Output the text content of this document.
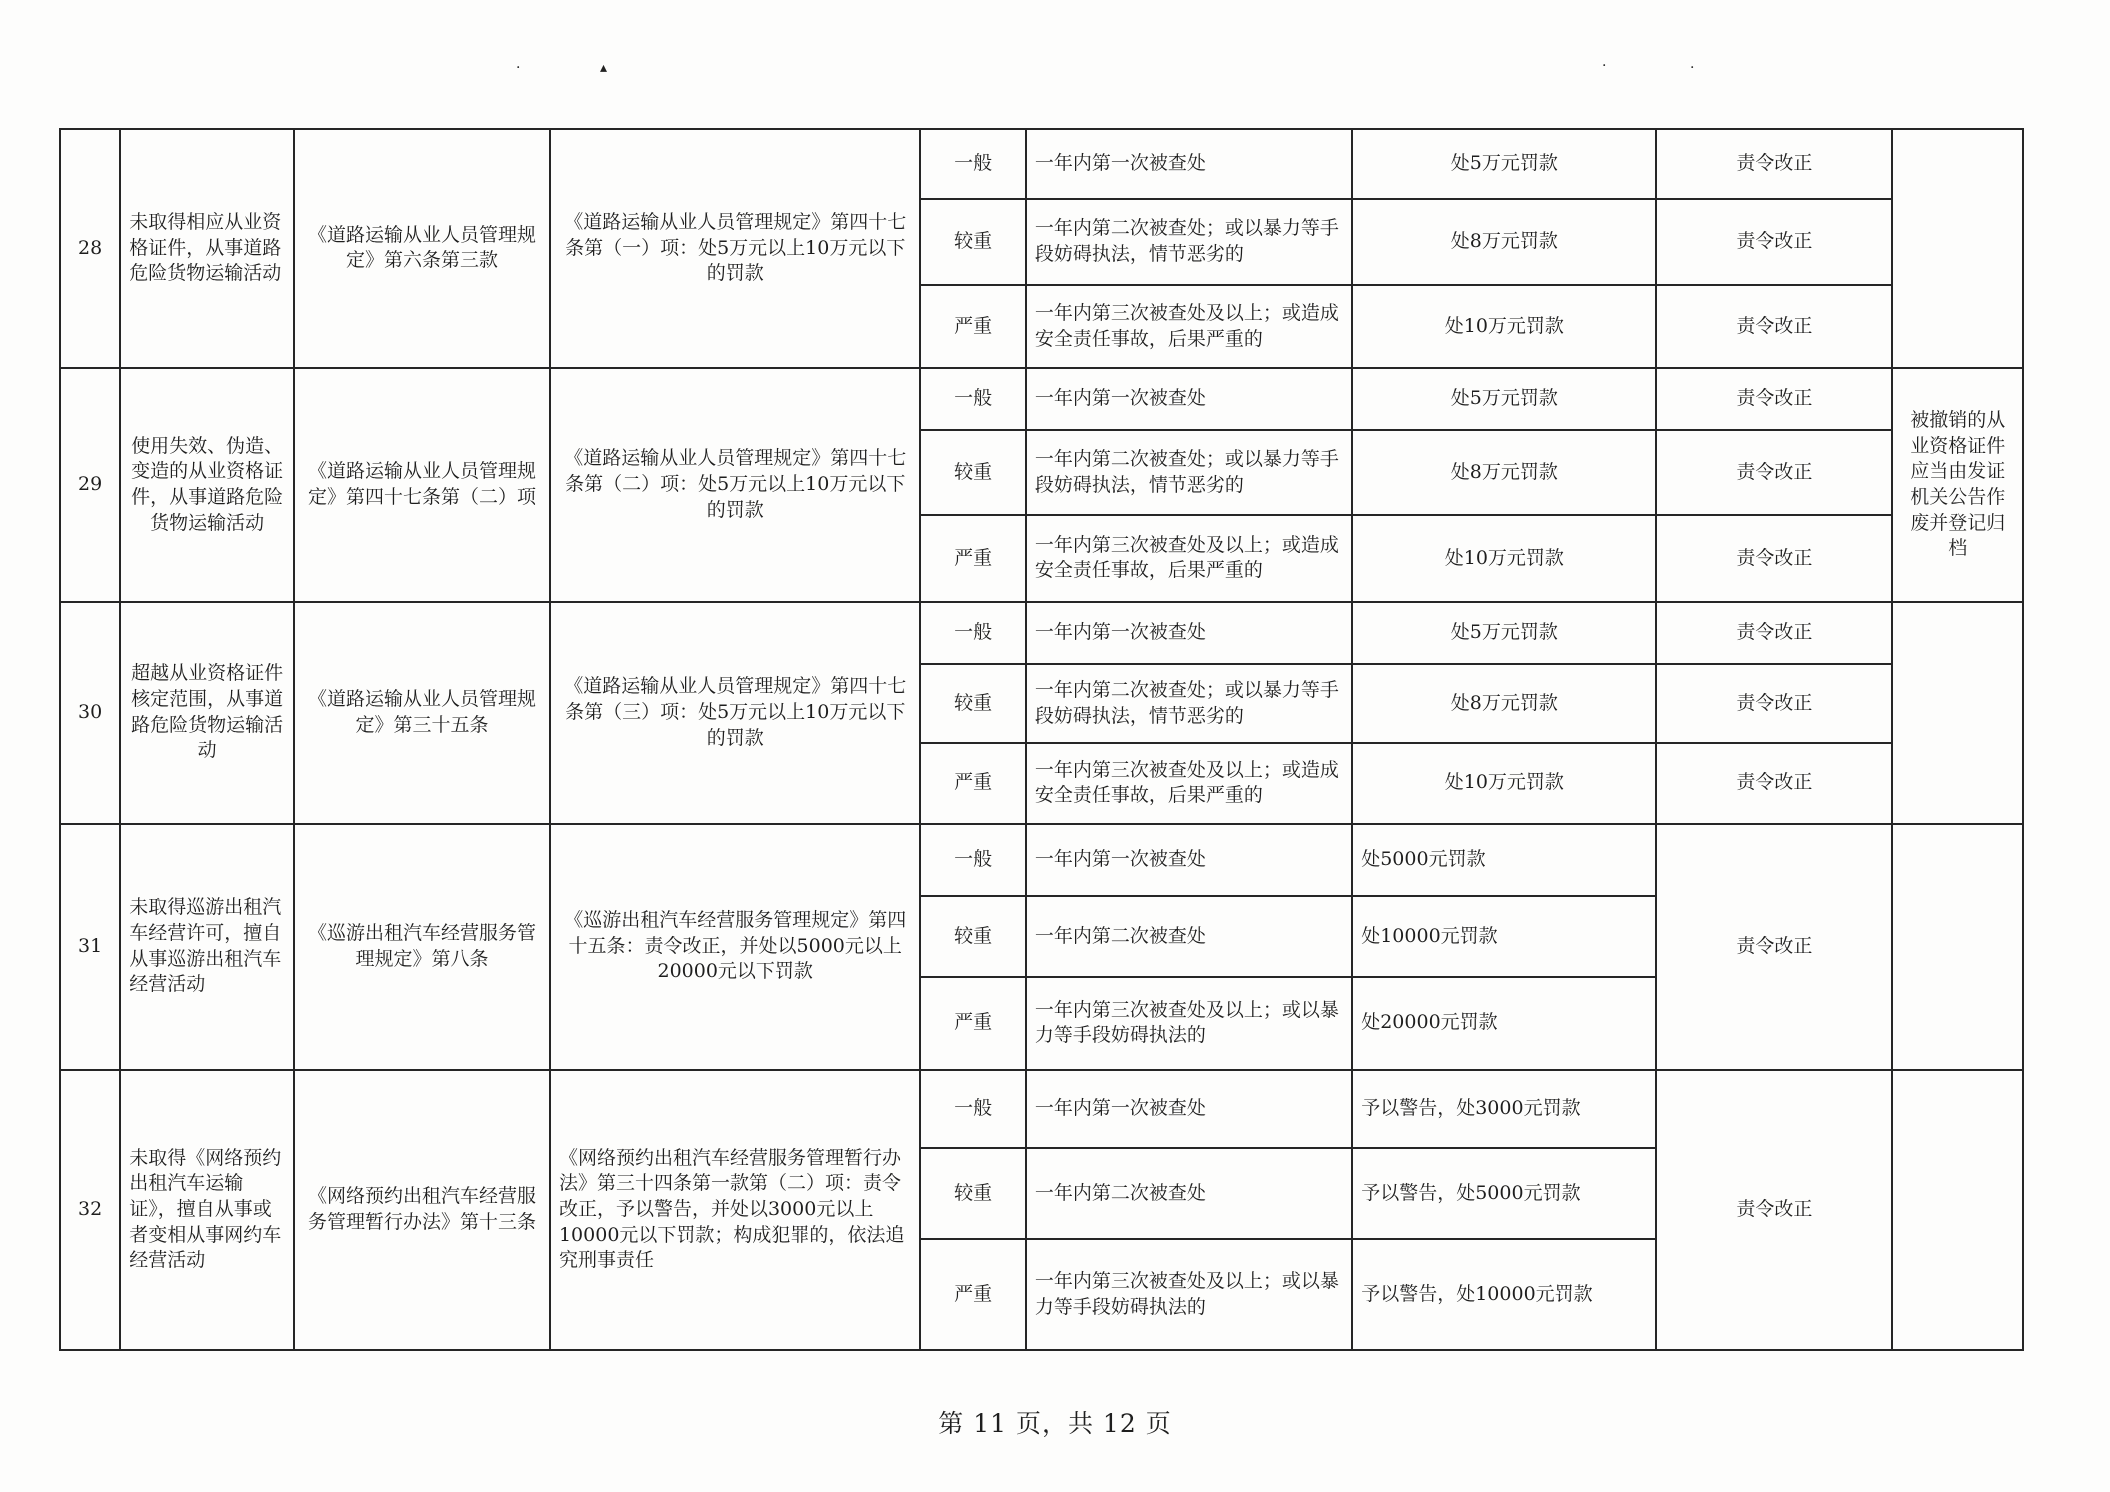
·	▴	·	·
28	未取得相应从业资格证件，从事道路危险货物运输活动	《道路运输从业人员管理规定》第六条第三款	《道路运输从业人员管理规定》第四十七条第（一）项：处5万元以上10万元以下的罚款	一般	一年内第一次被查处	处5万元罚款	责令改正	
				较重	一年内第二次被查处；或以暴力等手段妨碍执法，情节恶劣的	处8万元罚款	责令改正	
				严重	一年内第三次被查处及以上；或造成安全责任事故，后果严重的	处10万元罚款	责令改正	
29	使用失效、伪造、变造的从业资格证件，从事道路危险货物运输活动	《道路运输从业人员管理规定》第四十七条第（二）项	《道路运输从业人员管理规定》第四十七条第（二）项：处5万元以上10万元以下的罚款	一般	一年内第一次被查处	处5万元罚款	责令改正	被撤销的从业资格证件应当由发证机关公告作废并登记归档
				较重	一年内第二次被查处；或以暴力等手段妨碍执法，情节恶劣的	处8万元罚款	责令改正	
				严重	一年内第三次被查处及以上；或造成安全责任事故，后果严重的	处10万元罚款	责令改正	
30	超越从业资格证件核定范围，从事道路危险货物运输活动	《道路运输从业人员管理规定》第三十五条	《道路运输从业人员管理规定》第四十七条第（三）项：处5万元以上10万元以下的罚款	一般	一年内第一次被查处	处5万元罚款	责令改正	
				较重	一年内第二次被查处；或以暴力等手段妨碍执法，情节恶劣的	处8万元罚款	责令改正	
				严重	一年内第三次被查处及以上；或造成安全责任事故，后果严重的	处10万元罚款	责令改正	
31	未取得巡游出租汽车经营许可，擅自从事巡游出租汽车经营活动	《巡游出租汽车经营服务管理规定》第八条	《巡游出租汽车经营服务管理规定》第四十五条：责令改正，并处以5000元以上20000元以下罚款	一般	一年内第一次被查处	处5000元罚款	责令改正	
				较重	一年内第二次被查处	处10000元罚款		
				严重	一年内第三次被查处及以上；或以暴力等手段妨碍执法的	处20000元罚款		
32	未取得《网络预约出租汽车运输证》，擅自从事或者变相从事网约车经营活动	《网络预约出租汽车经营服务管理暂行办法》第十三条	《网络预约出租汽车经营服务管理暂行办法》第三十四条第一款第（二）项：责令改正，予以警告，并处以3000元以上10000元以下罚款；构成犯罪的，依法追究刑事责任	一般	一年内第一次被查处	予以警告，处3000元罚款	责令改正	
				较重	一年内第二次被查处	予以警告，处5000元罚款		
				严重	一年内第三次被查处及以上；或以暴力等手段妨碍执法的	予以警告，处10000元罚款		
第 11 页，共 12 页
